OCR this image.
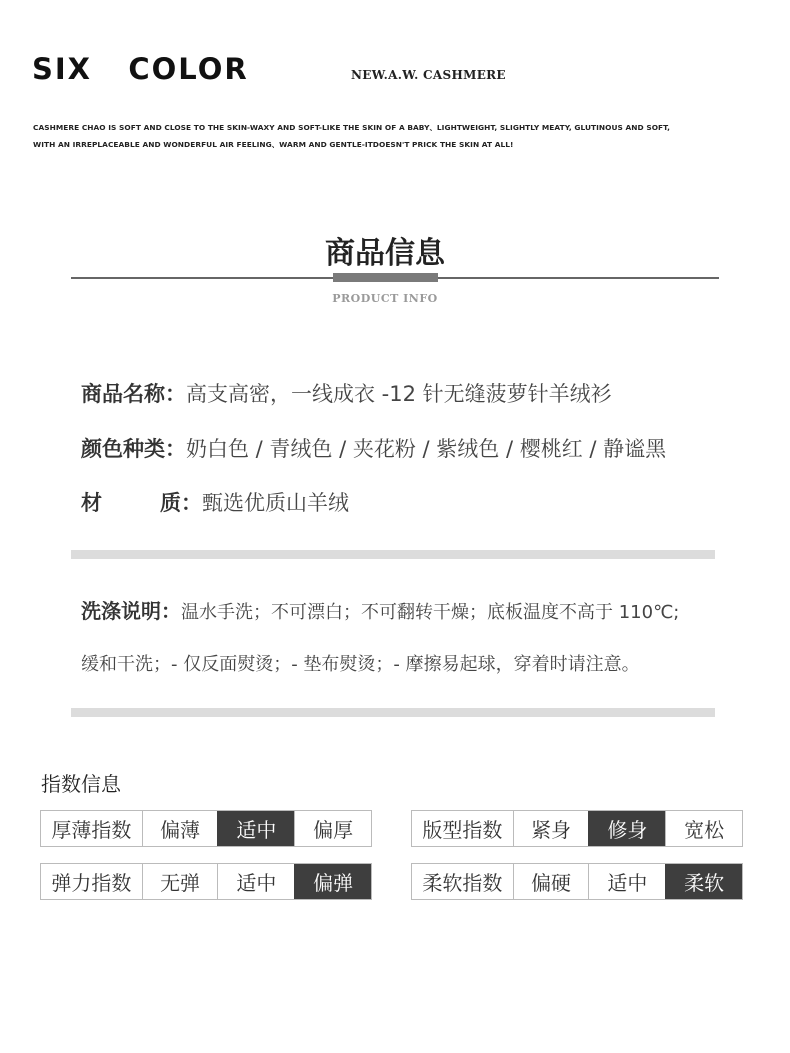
SIX   COLOR	NEW.A.W. CASHMERE
CASHMERE CHAO IS SOFT AND CLOSE TO THE SKIN-WAXY AND SOFT-LIKE THE SKIN OF A BABY、LIGHTWEIGHT, SLIGHTLY MEATY, GLUTINOUS AND SOFT,
WITH AN IRREPLACEABLE AND WONDERFUL AIR FEELING、WARM AND GENTLE-ITDOESN'T PRICK THE SKIN AT ALL!
商品信息
PRODUCT INFO
商品名称：高支高密，一线成衣 -12 针无缝菠萝针羊绒衫
颜色种类：奶白色 / 青绒色 / 夹花粉 / 紫绒色 / 樱桃红 / 静谧黑
材质：甄选优质山羊绒
洗涤说明：温水手洗；不可漂白；不可翻转干燥；底板温度不高于 110℃;
缓和干洗；- 仅反面熨烫；- 垫布熨烫；- 摩擦易起球，穿着时请注意。
指数信息
厚薄指数	偏薄	适中	偏厚	版型指数	紧身	修身	宽松
弹力指数	无弹	适中	偏弹	柔软指数	偏硬	适中	柔软
